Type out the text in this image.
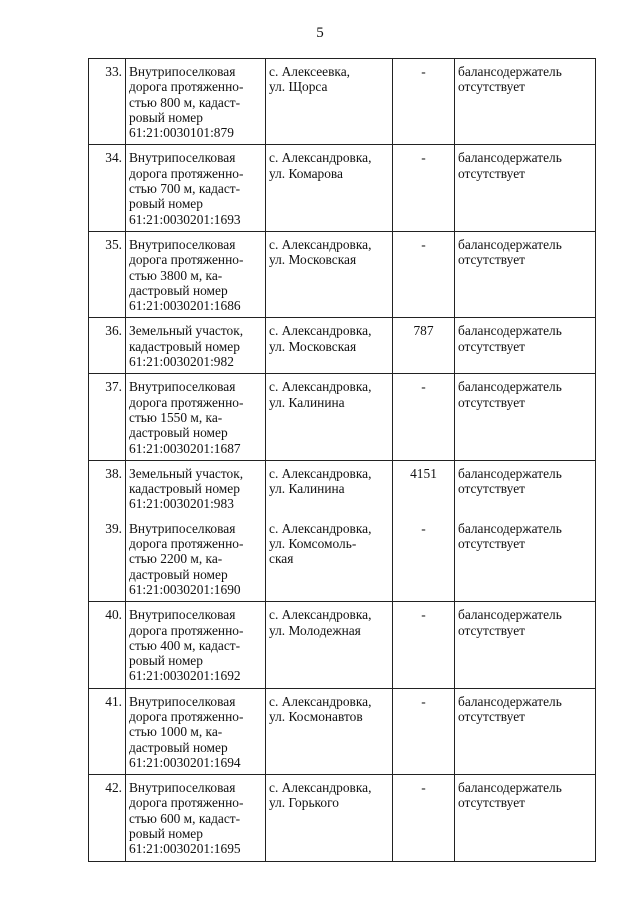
5
33.	Внутрипоселковая
дорога протяженно-
стью 800 м, кадаст-
ровый номер
61:21:0030101:879	с. Алексеевка,
ул. Щорса	-	балансодержатель
отсутствует
34.	Внутрипоселковая
дорога протяженно-
стью 700 м, кадаст-
ровый номер
61:21:0030201:1693	с. Александровка,
ул. Комарова	-	балансодержатель
отсутствует
35.	Внутрипоселковая
дорога протяженно-
стью 3800 м, ка-
дастровый номер
61:21:0030201:1686	с. Александровка,
ул. Московская	-	балансодержатель
отсутствует
36.	Земельный участок,
кадастровый номер
61:21:0030201:982	с. Александровка,
ул. Московская	787	балансодержатель
отсутствует
37.	Внутрипоселковая
дорога протяженно-
стью 1550 м, ка-
дастровый номер
61:21:0030201:1687	с. Александровка,
ул. Калинина	-	балансодержатель
отсутствует
38.	Земельный участок,
кадастровый номер
61:21:0030201:983	с. Александровка,
ул. Калинина	4151	балансодержатель
отсутствует
39.	Внутрипоселковая
дорога протяженно-
стью 2200 м, ка-
дастровый номер
61:21:0030201:1690	с. Александровка,
ул. Комсомоль-
ская	-	балансодержатель
отсутствует
40.	Внутрипоселковая
дорога протяженно-
стью 400 м, кадаст-
ровый номер
61:21:0030201:1692	с. Александровка,
ул. Молодежная	-	балансодержатель
отсутствует
41.	Внутрипоселковая
дорога протяженно-
стью 1000 м, ка-
дастровый номер
61:21:0030201:1694	с. Александровка,
ул. Космонавтов	-	балансодержатель
отсутствует
42.	Внутрипоселковая
дорога протяженно-
стью 600 м, кадаст-
ровый номер
61:21:0030201:1695	с. Александровка,
ул. Горького	-	балансодержатель
отсутствует
